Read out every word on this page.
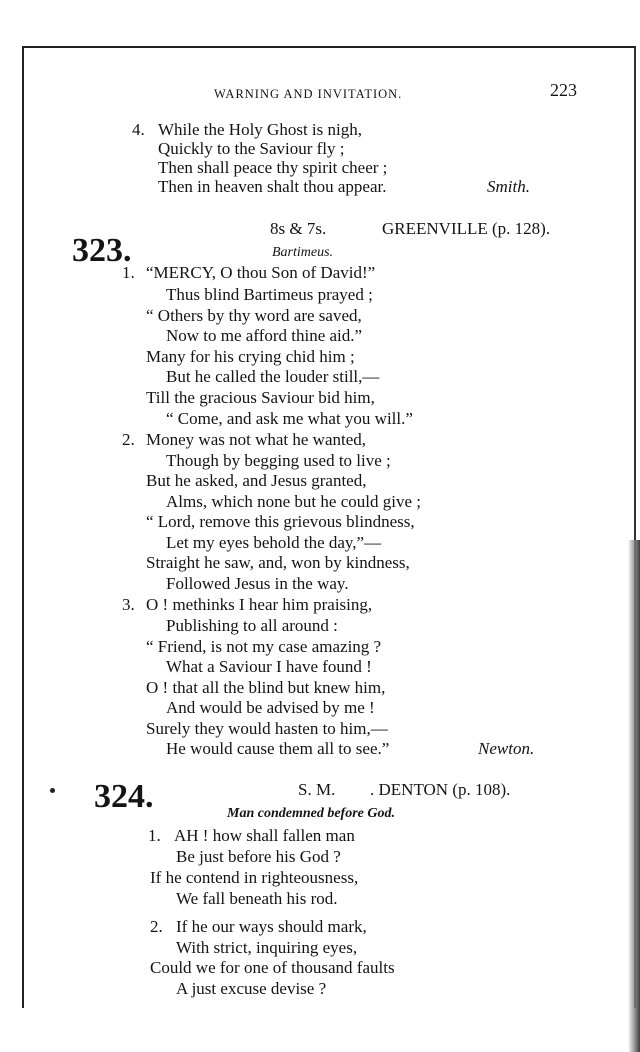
WARNING AND INVITATION.	223
4. While the Holy Ghost is nigh,
Quickly to the Saviour fly ;
Then shall peace thy spirit cheer ;
Then in heaven shalt thou appear.	Smith.
8s & 7s.	GREENVILLE (p. 128).
323.	Bartimeus.
1. “MERCY, O thou Son of David!”
Thus blind Bartimeus prayed ;
“ Others by thy word are saved,
Now to me afford thine aid.”
Many for his crying chid him ;
But he called the louder still,—
Till the gracious Saviour bid him,
“ Come, and ask me what you will.”
2. Money was not what he wanted,
Though by begging used to live ;
But he asked, and Jesus granted,
Alms, which none but he could give ;
“ Lord, remove this grievous blindness,
Let my eyes behold the day,”—
Straight he saw, and, won by kindness,
Followed Jesus in the way.
3. O ! methinks I hear him praising,
Publishing to all around :
“ Friend, is not my case amazing ?
What a Saviour I have found !
O ! that all the blind but knew him,
And would be advised by me !
Surely they would hasten to him,—
He would cause them all to see.”	Newton.
S. M. . DENTON (p. 108).
324.	Man condemned before God.
1. AH ! how shall fallen man
Be just before his God ?
If he contend in righteousness,
We fall beneath his rod.
2. If he our ways should mark,
With strict, inquiring eyes,
Could we for one of thousand faults
A just excuse devise ?
